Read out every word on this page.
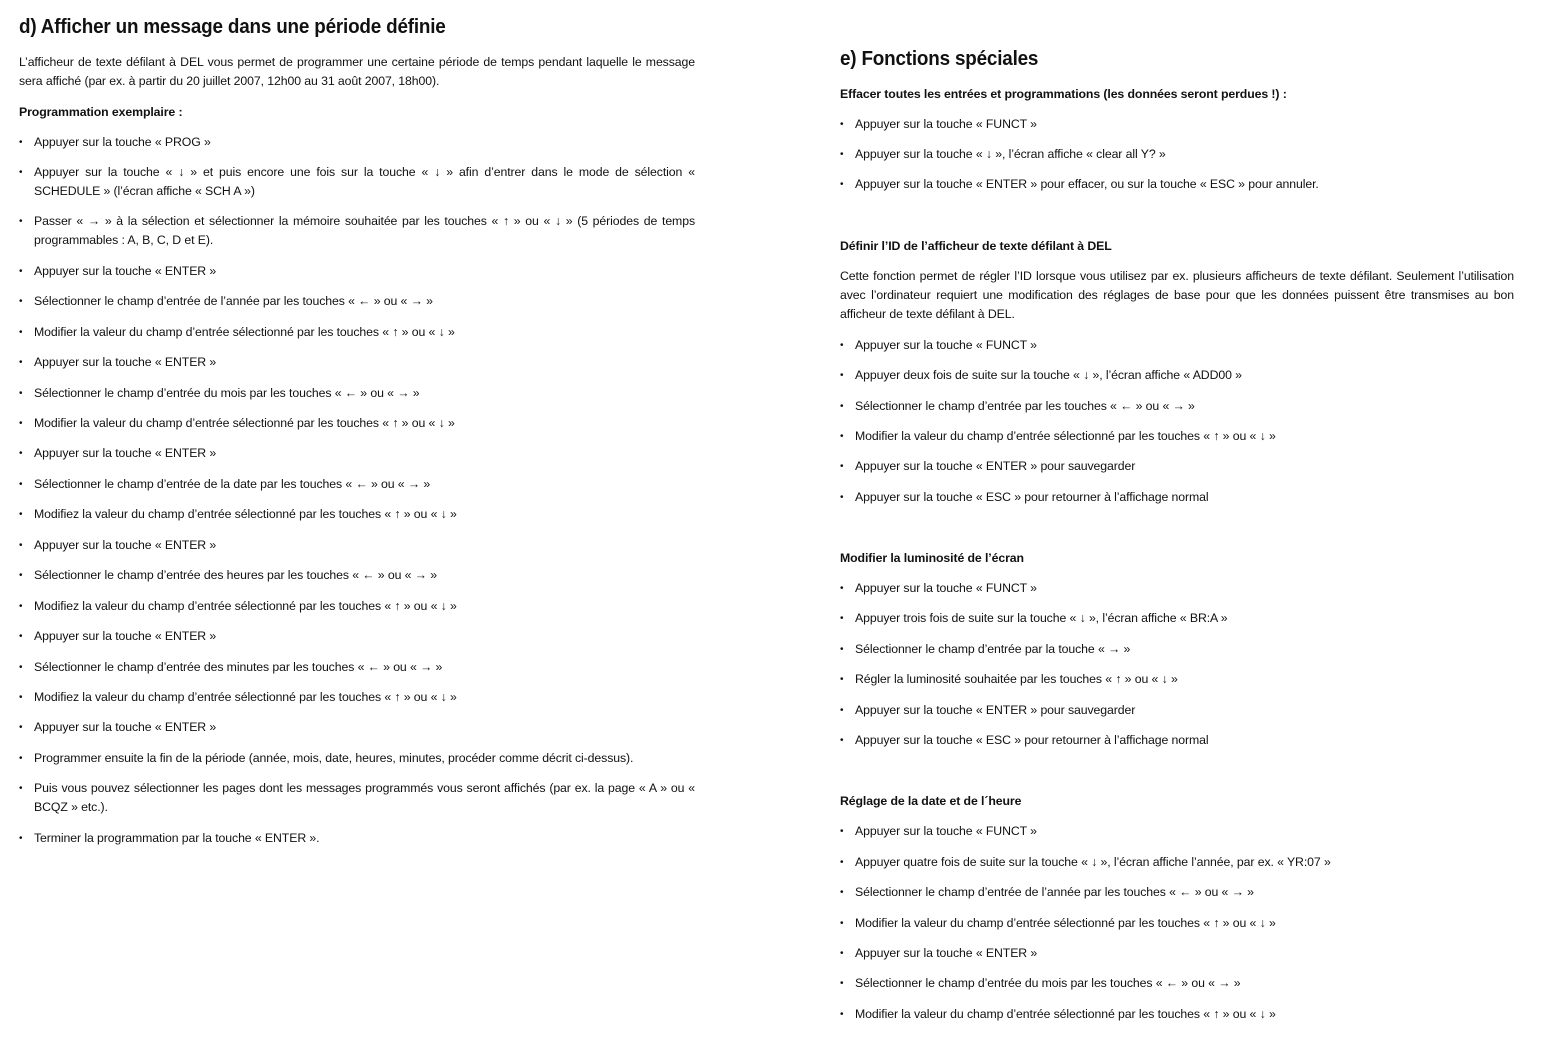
d) Afficher un message dans une période définie

L’afficheur de texte défilant à DEL vous permet de programmer une certaine période de temps pendant laquelle le message sera affiché (par ex. à partir du 20 juillet 2007, 12h00 au 31 août 2007, 18h00).

Programmation exemplaire :
• Appuyer sur la touche « PROG »
• Appuyer sur la touche « ↓ » et puis encore une fois sur la touche « ↓ » afin d’entrer dans le mode de sélection « SCHEDULE » (l’écran affiche « SCH A »)
• Passer « → » à la sélection et sélectionner la mémoire souhaitée par les touches « ↑ » ou « ↓ » (5 périodes de temps programmables : A, B, C, D et E).
• Appuyer sur la touche « ENTER »
• Sélectionner le champ d’entrée de l’année par les touches « ← » ou « → »
• Modifier la valeur du champ d’entrée sélectionné par les touches « ↑ » ou « ↓ »
• Appuyer sur la touche « ENTER »
• Sélectionner le champ d’entrée du mois par les touches « ← » ou « → »
• Modifier la valeur du champ d’entrée sélectionné par les touches « ↑ » ou « ↓ »
• Appuyer sur la touche « ENTER »
• Sélectionner le champ d’entrée de la date par les touches « ← » ou « → »
• Modifiez la valeur du champ d’entrée sélectionné par les touches « ↑ » ou « ↓ »
• Appuyer sur la touche « ENTER »
• Sélectionner le champ d’entrée des heures par les touches « ← » ou « → »
• Modifiez la valeur du champ d’entrée sélectionné par les touches « ↑ » ou « ↓ »
• Appuyer sur la touche « ENTER »
• Sélectionner le champ d’entrée des minutes par les touches « ← » ou « → »
• Modifiez la valeur du champ d’entrée sélectionné par les touches « ↑ » ou « ↓ »
• Appuyer sur la touche « ENTER »
• Programmer ensuite la fin de la période (année, mois, date, heures, minutes, procéder comme décrit ci-dessus).
• Puis vous pouvez sélectionner les pages dont les messages programmés vous seront affichés (par ex. la page « A » ou « BCQZ » etc.).
• Terminer la programmation par la touche « ENTER ».
e) Fonctions spéciales
Effacer toutes les entrées et programmations (les données seront perdues !) :
• Appuyer sur la touche « FUNCT »
• Appuyer sur la touche « ↓ », l’écran affiche « clear all Y? »
• Appuyer sur la touche « ENTER » pour effacer, ou sur la touche « ESC » pour annuler.
Définir l’ID de l’afficheur de texte défilant à DEL

Cette fonction permet de régler l’ID lorsque vous utilisez par ex. plusieurs afficheurs de texte défilant. Seulement l’utilisation avec l’ordinateur requiert une modification des réglages de base pour que les données puissent être transmises au bon afficheur de texte défilant à DEL.

• Appuyer sur la touche « FUNCT »
• Appuyer deux fois de suite sur la touche « ↓ », l’écran affiche « ADD00 »
• Sélectionner le champ d’entrée par les touches « ← » ou « → »
• Modifier la valeur du champ d’entrée sélectionné par les touches « ↑ » ou « ↓ »
• Appuyer sur la touche « ENTER » pour sauvegarder
• Appuyer sur la touche « ESC » pour retourner à l’affichage normal
Modifier la luminosité de l’écran
• Appuyer sur la touche « FUNCT »
• Appuyer trois fois de suite sur la touche « ↓ », l’écran affiche « BR:A »
• Sélectionner le champ d’entrée par la touche « → »
• Régler la luminosité souhaitée par les touches « ↑ » ou « ↓ »
• Appuyer sur la touche « ENTER » pour sauvegarder
• Appuyer sur la touche « ESC » pour retourner à l’affichage normal
Réglage de la date et de l´heure
• Appuyer sur la touche « FUNCT »
• Appuyer quatre fois de suite sur la touche « ↓ », l’écran affiche l’année, par ex. « YR:07 »
• Sélectionner le champ d’entrée de l’année par les touches « ← » ou « → »
• Modifier la valeur du champ d’entrée sélectionné par les touches « ↑ » ou « ↓ »
• Appuyer sur la touche « ENTER »
• Sélectionner le champ d’entrée du mois par les touches « ← » ou « → »
• Modifier la valeur du champ d’entrée sélectionné par les touches « ↑ » ou « ↓ »
